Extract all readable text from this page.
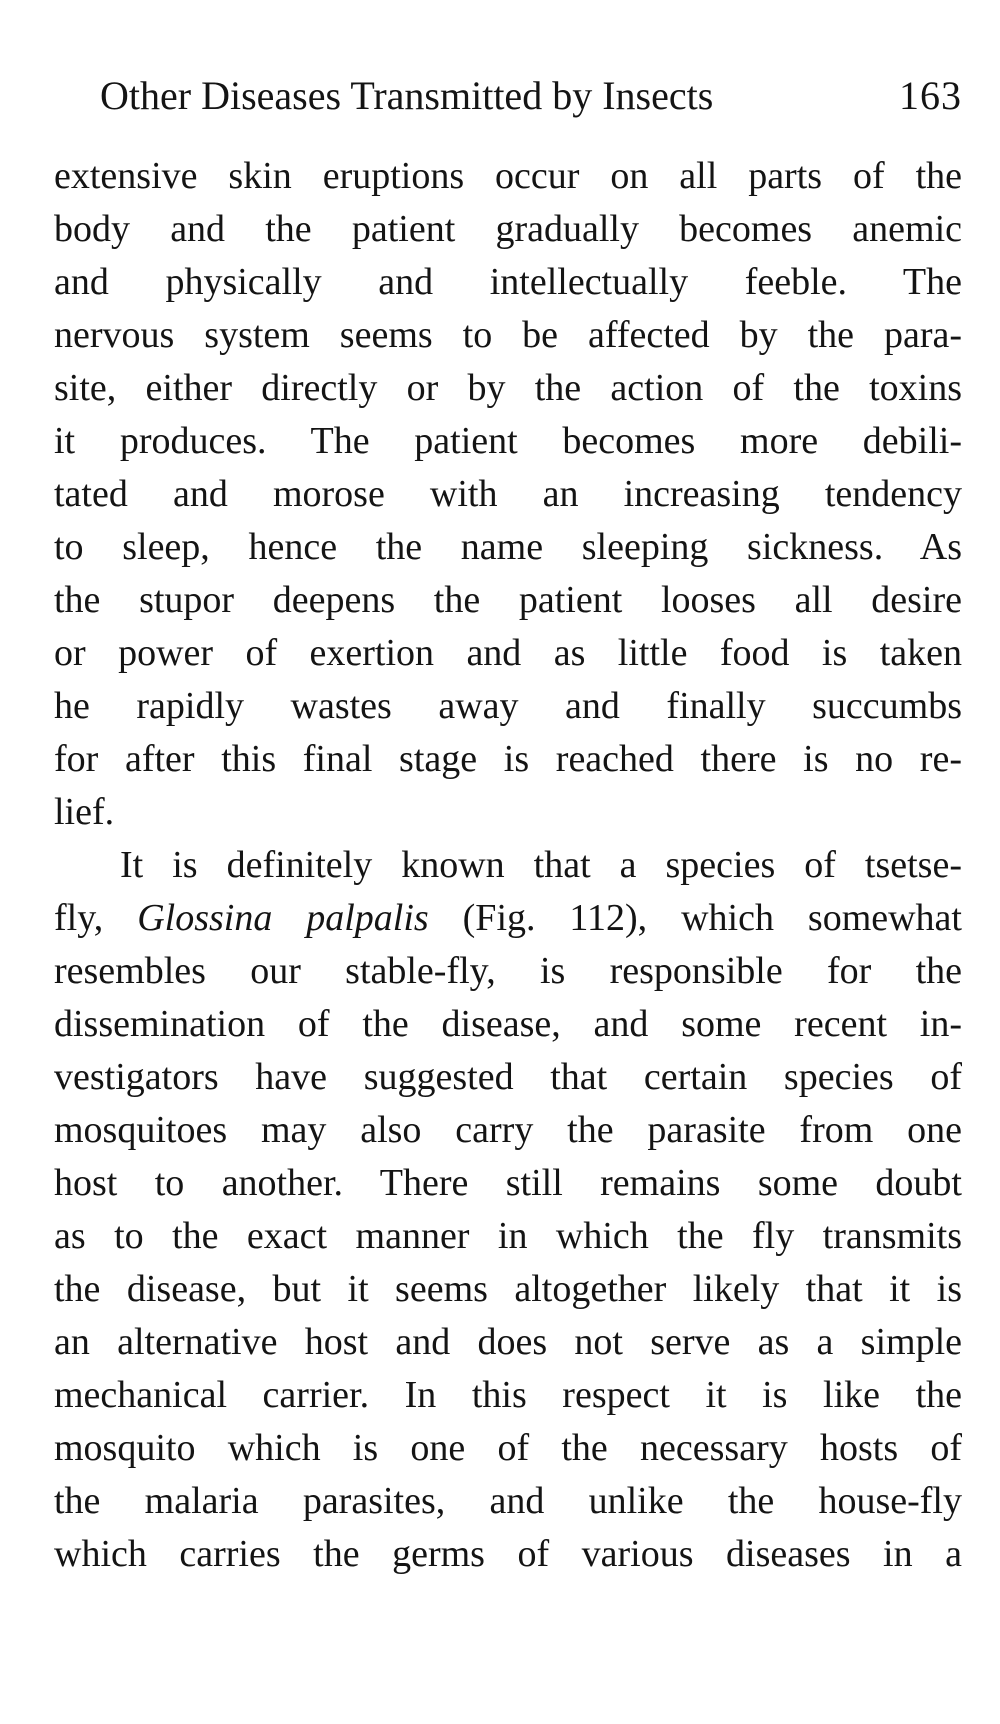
Other Diseases Transmitted by Insects	163
extensive skin eruptions occur on all parts of the
body and the patient gradually becomes anemic
and physically and intellectually feeble. The
nervous system seems to be affected by the para-
site, either directly or by the action of the toxins
it produces. The patient becomes more debili-
tated and morose with an increasing tendency
to sleep, hence the name sleeping sickness. As
the stupor deepens the patient looses all desire
or power of exertion and as little food is taken
he rapidly wastes away and finally succumbs
for after this final stage is reached there is no re-
lief.
It is definitely known that a species of tsetse-
fly, Glossina palpalis (Fig. 112), which somewhat
resembles our stable-fly, is responsible for the
dissemination of the disease, and some recent in-
vestigators have suggested that certain species of
mosquitoes may also carry the parasite from one
host to another. There still remains some doubt
as to the exact manner in which the fly transmits
the disease, but it seems altogether likely that it is
an alternative host and does not serve as a simple
mechanical carrier. In this respect it is like the
mosquito which is one of the necessary hosts of
the malaria parasites, and unlike the house-fly
which carries the germs of various diseases in a
